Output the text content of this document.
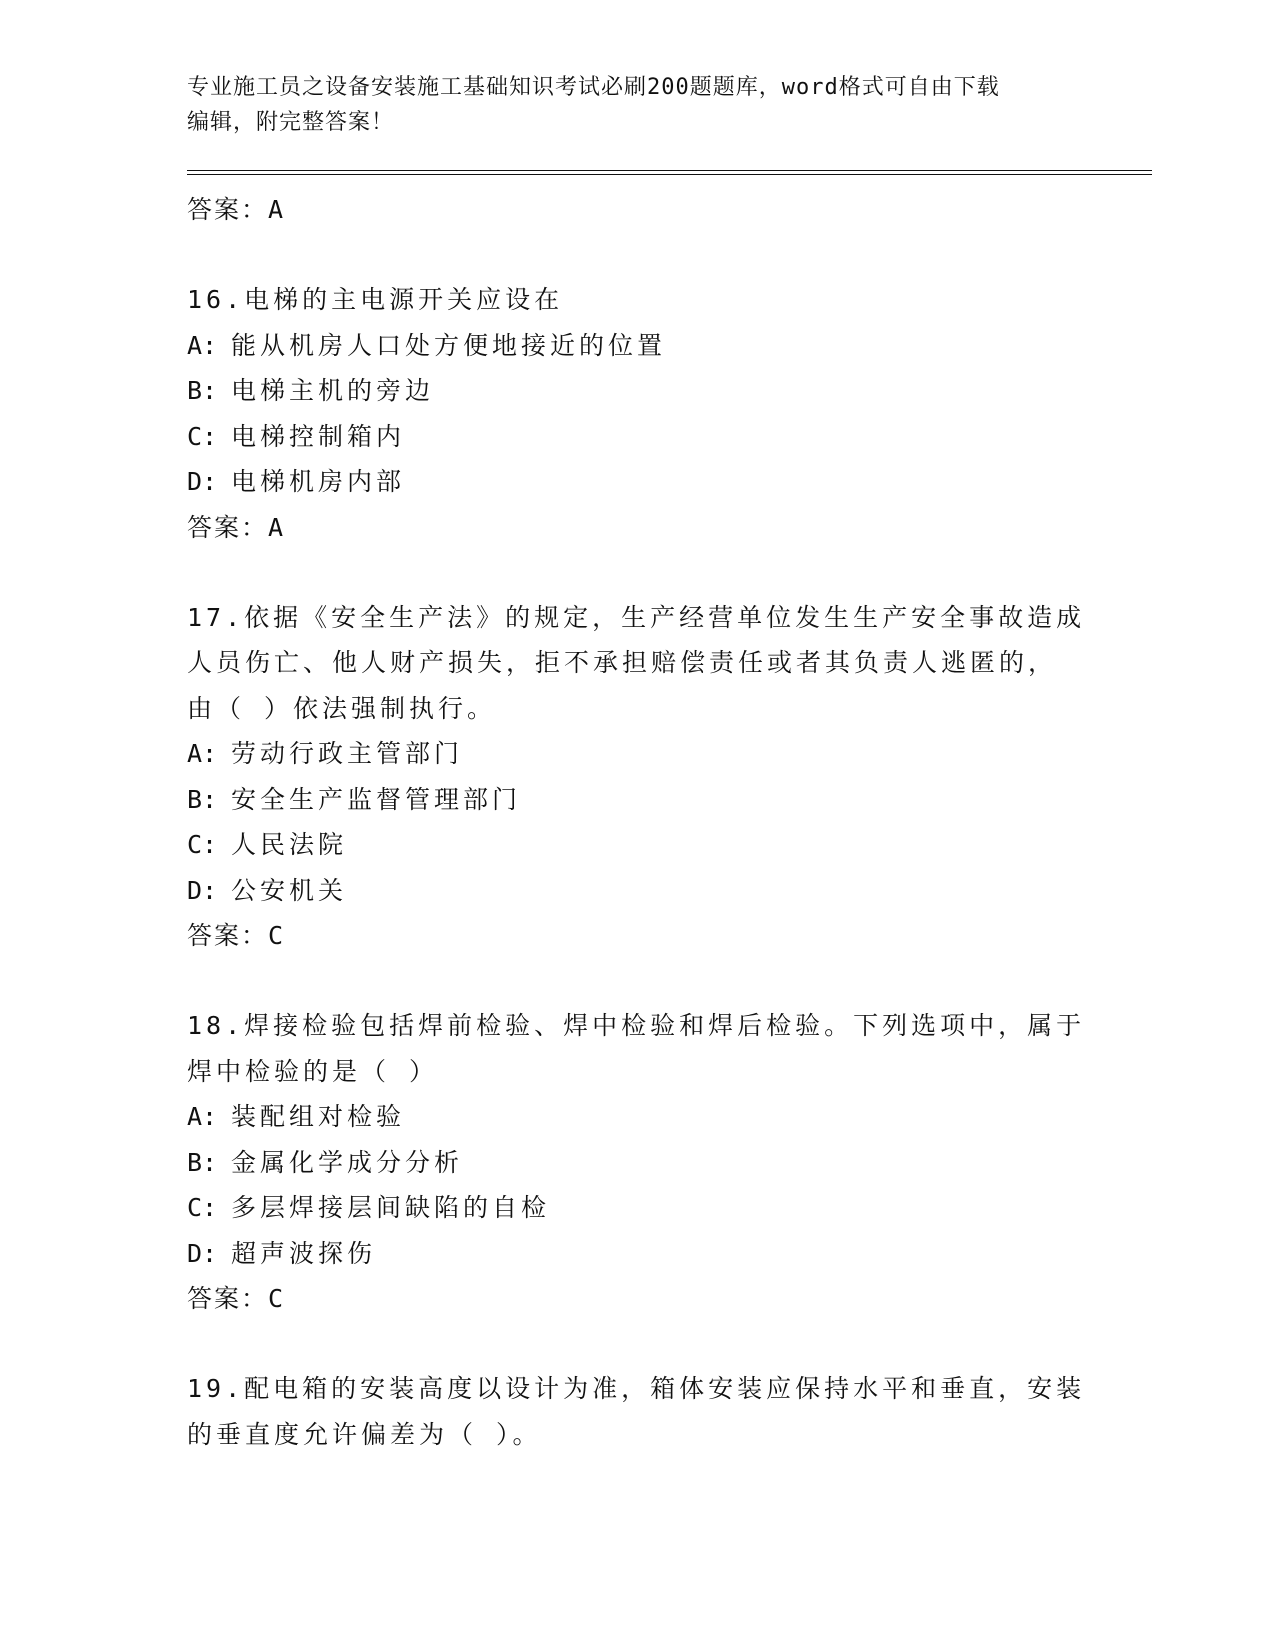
专业施工员之设备安装施工基础知识考试必刷200题题库，word格式可自由下载
编辑，附完整答案！
答案：A
16.电梯的主电源开关应设在
A: 能从机房人口处方便地接近的位置
B: 电梯主机的旁边
C: 电梯控制箱内
D: 电梯机房内部
答案：A
17.依据《安全生产法》的规定，生产经营单位发生生产安全事故造成
人员伤亡、他人财产损失，拒不承担赔偿责任或者其负责人逃匿的，
由（ ）依法强制执行。
A: 劳动行政主管部门
B: 安全生产监督管理部门
C: 人民法院
D: 公安机关
答案：C
18.焊接检验包括焊前检验、焊中检验和焊后检验。下列选项中，属于
焊中检验的是（ ）
A: 装配组对检验
B: 金属化学成分分析
C: 多层焊接层间缺陷的自检
D: 超声波探伤
答案：C
19.配电箱的安装高度以设计为准，箱体安装应保持水平和垂直，安装
的垂直度允许偏差为（ ）。
